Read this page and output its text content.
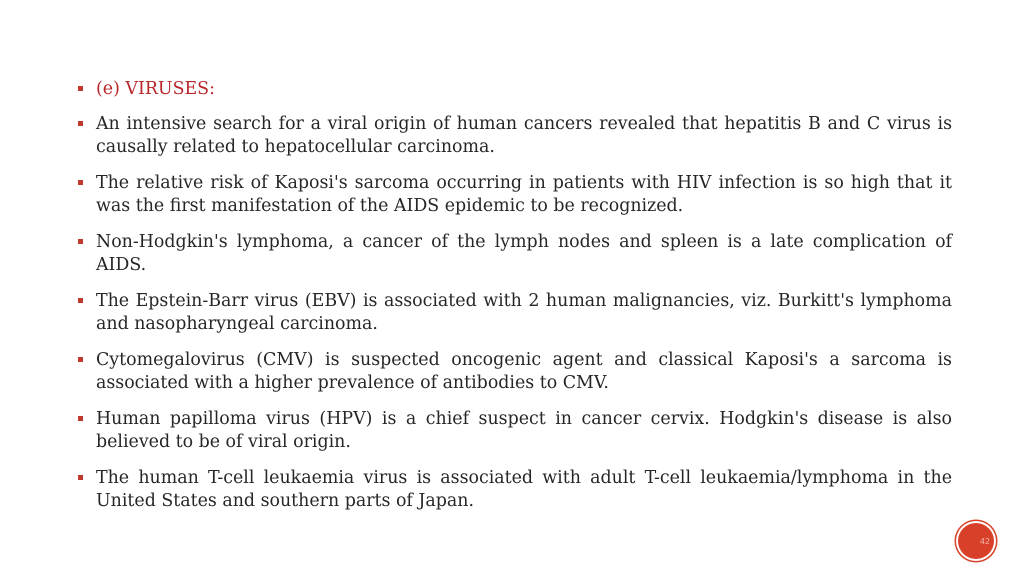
(e) VIRUSES:
An intensive search for a viral origin of human cancers revealed that hepatitis B and C virus is causally related to hepatocellular carcinoma.
The relative risk of Kaposi's sarcoma occurring in patients with HIV infection is so high that it was the first manifestation of the AIDS epidemic to be recognized.
Non-Hodgkin's lymphoma, a cancer of the lymph nodes and spleen is a late complication of AIDS.
The Epstein-Barr virus (EBV) is associated with 2 human malignancies, viz. Burkitt's lymphoma and nasopharyngeal carcinoma.
Cytomegalovirus (CMV) is suspected oncogenic agent and classical Kaposi's a sarcoma is associated with a higher prevalence of antibodies to CMV.
Human papilloma virus (HPV) is a chief suspect in cancer cervix. Hodgkin's disease is also believed to be of viral origin.
The human T-cell leukaemia virus is associated with adult T-cell leukaemia/lymphoma in the United States and southern parts of Japan.
42
